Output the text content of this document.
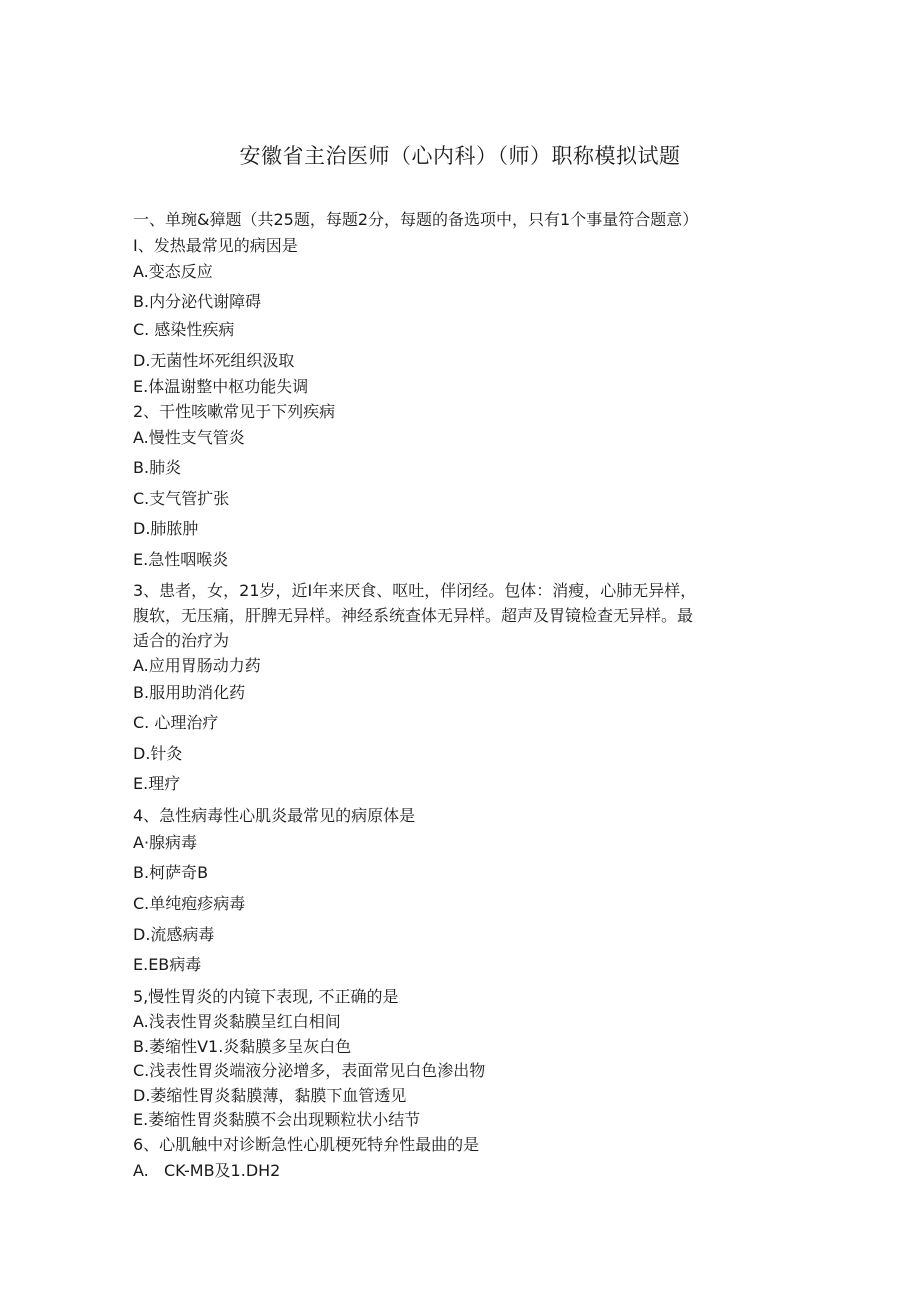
安徽省主治医师（心内科）（师）职称模拟试题
一、单琬&獐题（共25题，每题2分，每题的备选项中，只有1个事量符合题意）
I、发热最常见的病因是
A.变态反应
B.内分泌代谢障碍
C. 感染性疾病
D.无菌性坏死组织汲取
E.体温谢整中枢功能失调
2、干性咳嗽常见于下列疾病
A.慢性支气管炎
B.肺炎
C.支气管扩张
D.肺脓肿
E.急性咽喉炎
3、患者，女，21岁，近I年来厌食、呕吐，伴闭经。包体：消瘦，心肺无异样，
腹软，无压痛，肝脾无异样。神经系统查体无异样。超声及胃镜检查无异样。最
适合的治疗为
A.应用胃肠动力药
B.服用助消化药
C. 心理治疗
D.针灸
E.理疗
4、急性病毒性心肌炎最常见的病原体是
A·腺病毒
B.柯萨奇B
C.单纯疱疹病毒
D.流感病毒
E.EB病毒
5,慢性胃炎的内镜下表现, 不正确的是
A.浅表性胃炎黏膜呈红白相间
B.萎缩性V1.炎黏膜多呈灰白色
C.浅表性胃炎端液分泌增多，表面常见白色渗出物
D.萎缩性胃炎黏膜薄，黏膜下血管透见
E.萎缩性胃炎黏膜不会出现颗粒状小结节
6、心肌触中对诊断急性心肌梗死特弁性最曲的是
A.   CK-MB及1.DH2
